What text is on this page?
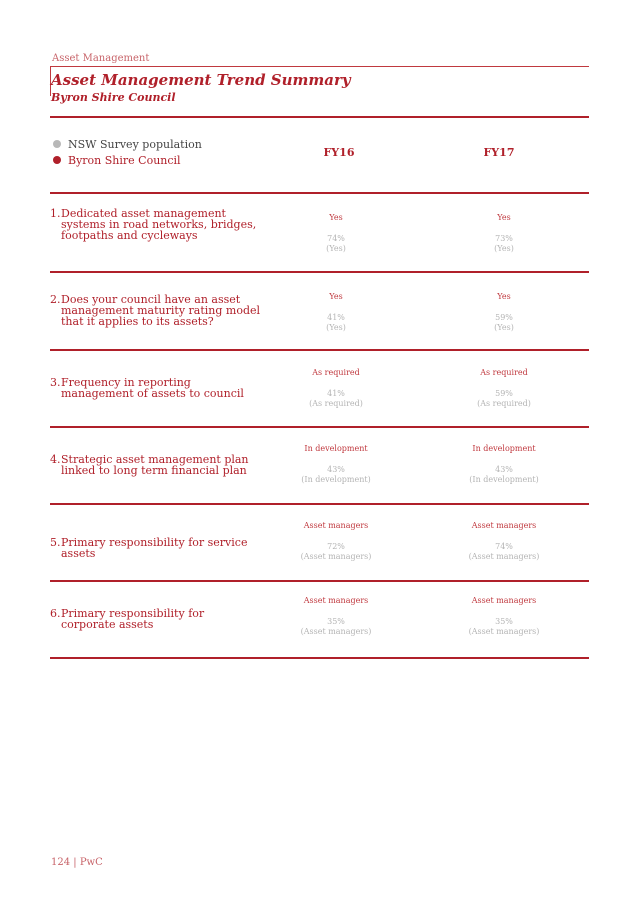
Asset Management
Asset Management Trend Summary
Byron Shire Council
NSW Survey population
Byron Shire Council
FY16	FY17
1. Dedicated asset management systems in road networks, bridges, footpaths and cycleways
Yes
74%
(Yes)
Yes
73%
(Yes)
2. Does your council have an asset management maturity rating model that it applies to its assets?
Yes
41%
(Yes)
Yes
59%
(Yes)
3. Frequency in reporting management of assets to council
As required
41%
(As required)
As required
59%
(As required)
4. Strategic asset management plan linked to long term financial plan
In development
43%
(In development)
In development
43%
(In development)
5. Primary responsibility for service assets
Asset managers
72%
(Asset managers)
Asset managers
74%
(Asset managers)
6. Primary responsibility for corporate assets
Asset managers
35%
(Asset managers)
Asset managers
35%
(Asset managers)
124 | PwC
